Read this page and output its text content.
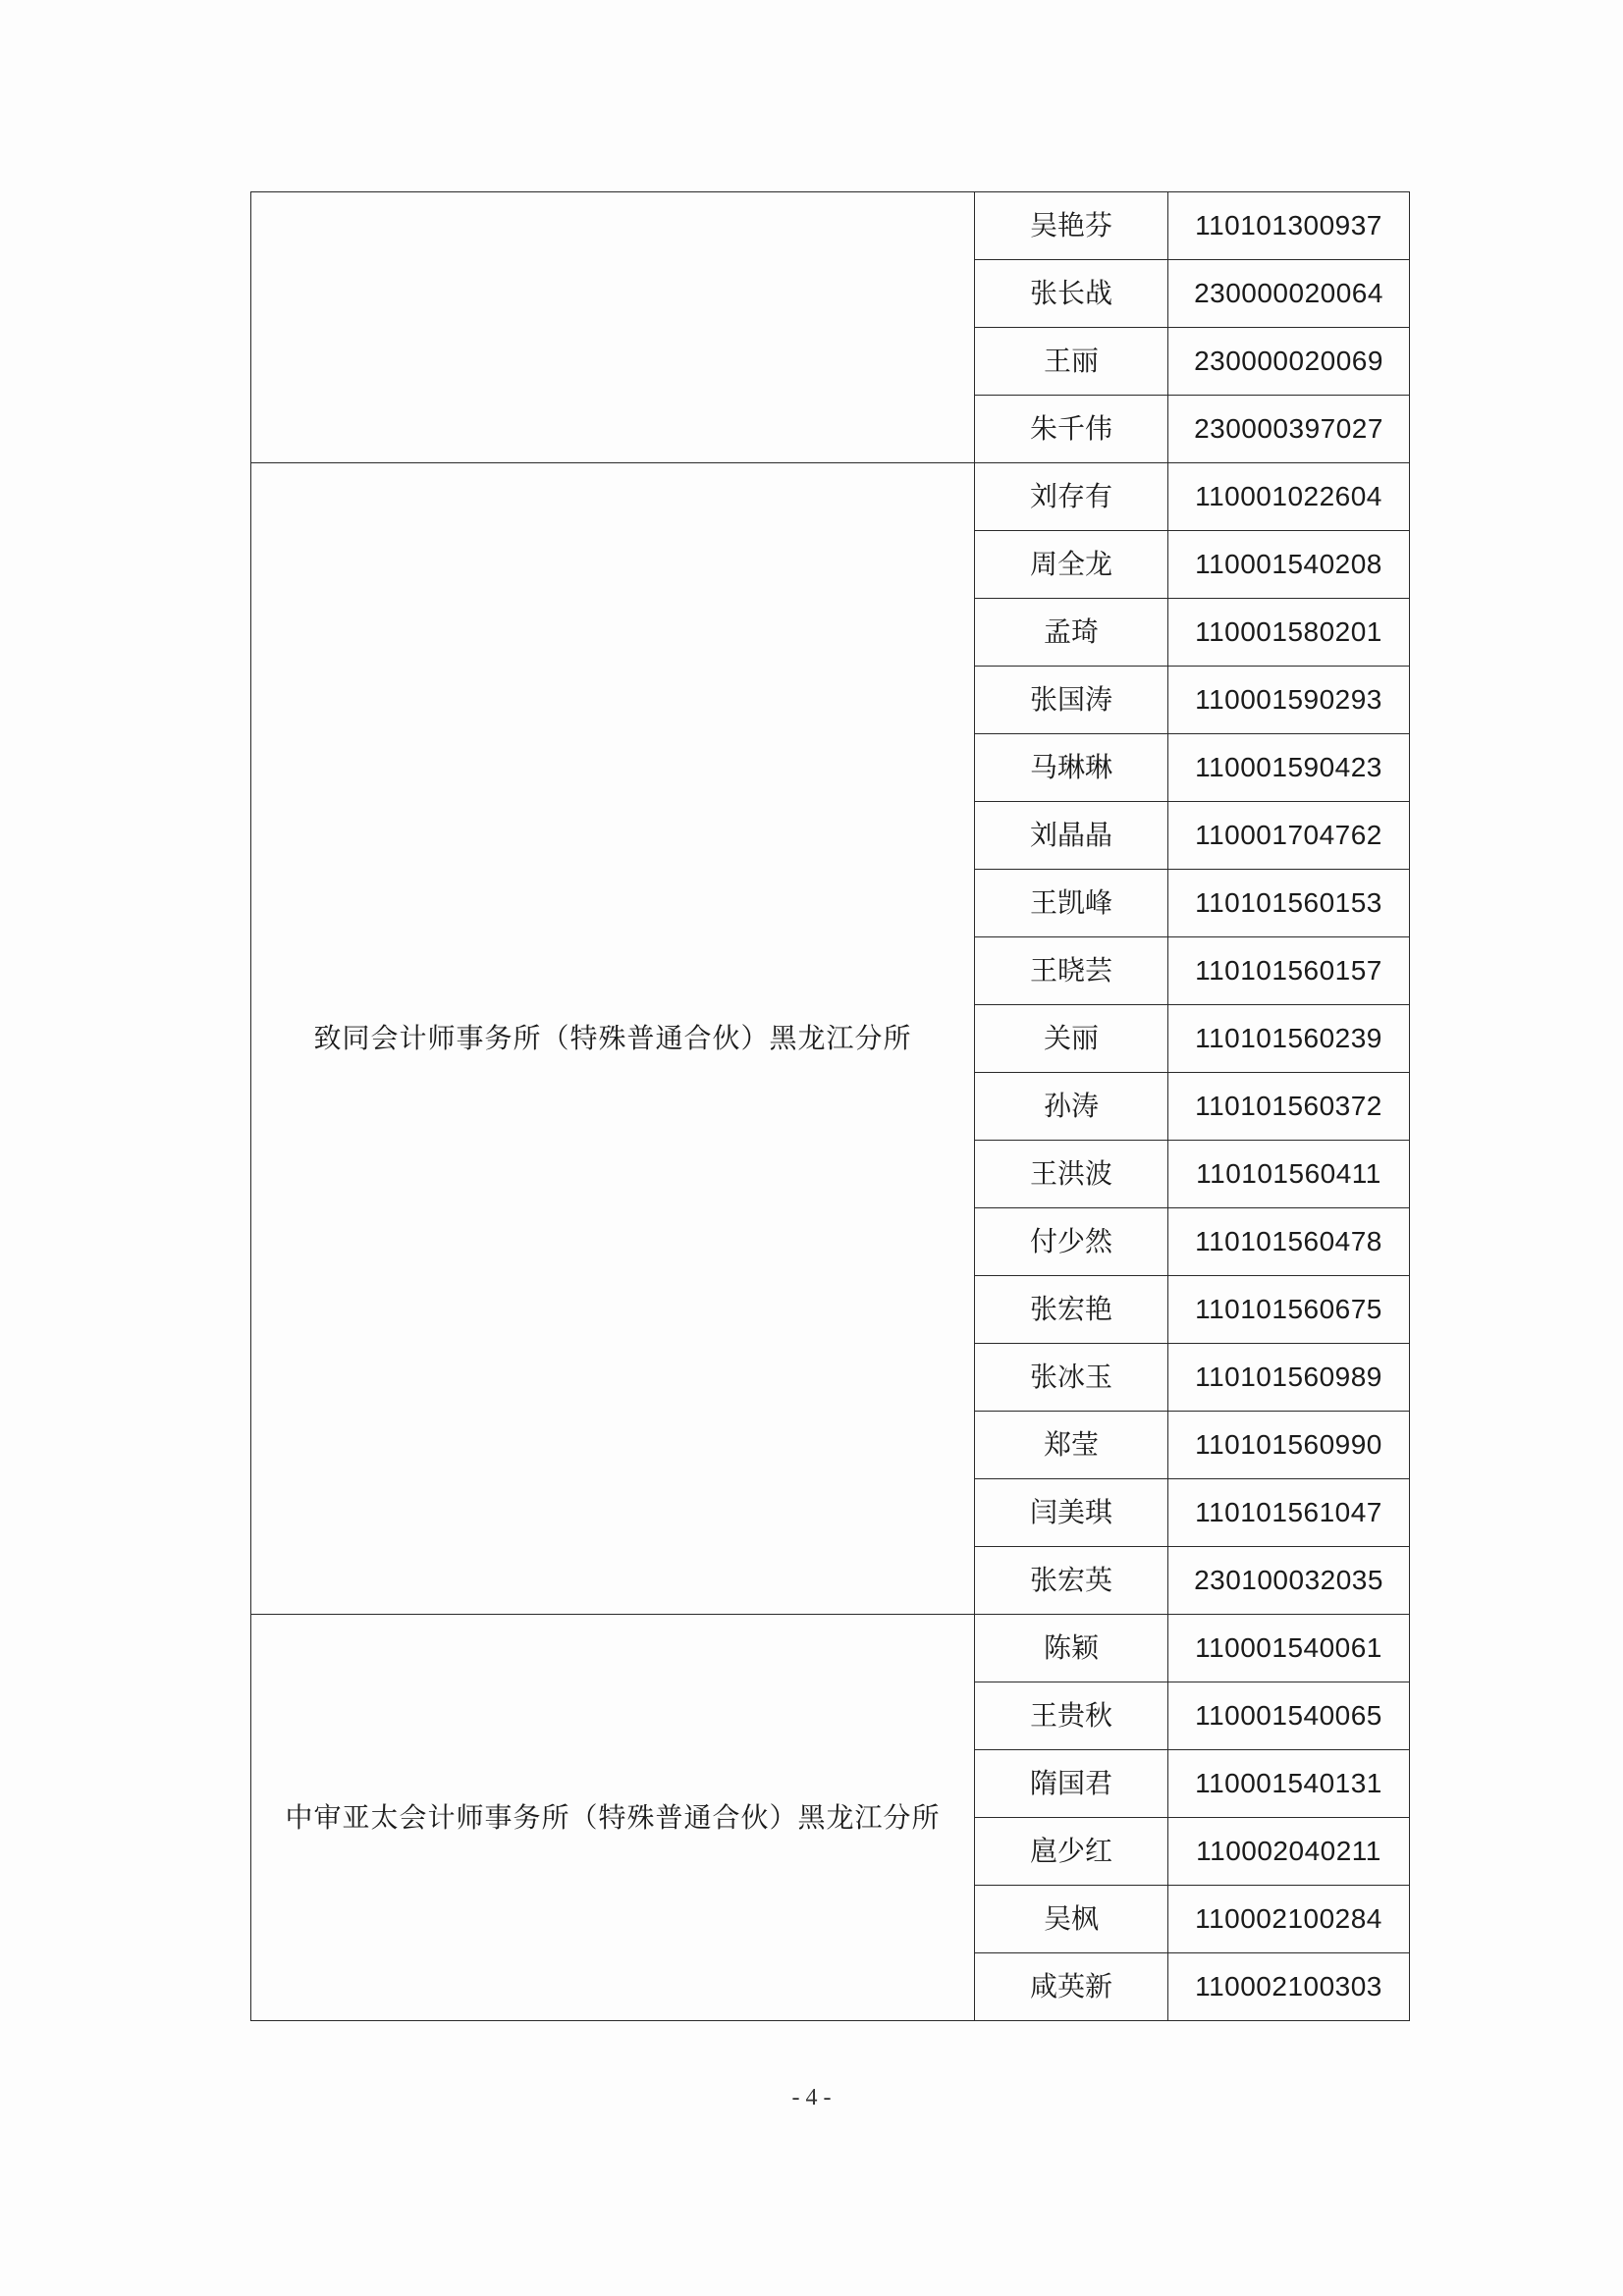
	吴艳芬	110101300937
	张长战	230000020064
	王丽	230000020069
	朱千伟	230000397027
致同会计师事务所（特殊普通合伙）黑龙江分所	刘存有	110001022604
	周全龙	110001540208
	孟琦	110001580201
	张国涛	110001590293
	马琳琳	110001590423
	刘晶晶	110001704762
	王凯峰	110101560153
	王晓芸	110101560157
	关丽	110101560239
	孙涛	110101560372
	王洪波	110101560411
	付少然	110101560478
	张宏艳	110101560675
	张冰玉	110101560989
	郑莹	110101560990
	闫美琪	110101561047
	张宏英	230100032035
中审亚太会计师事务所（特殊普通合伙）黑龙江分所	陈颖	110001540061
	王贵秋	110001540065
	隋国君	110001540131
	扈少红	110002040211
	吴枫	110002100284
	咸英新	110002100303
- 4 -
